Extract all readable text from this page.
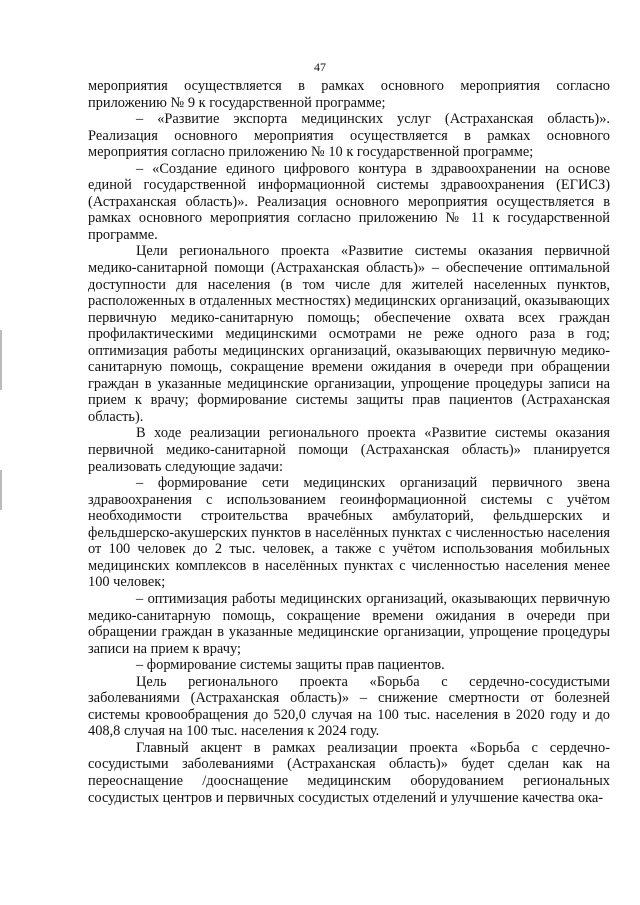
47

мероприятия осуществляется в рамках основного мероприятия согласно приложению № 9 к государственной программе;

– «Развитие экспорта медицинских услуг (Астраханская область)». Реализация основного мероприятия осуществляется в рамках основного мероприятия согласно приложению № 10 к государственной программе;

– «Создание единого цифрового контура в здравоохранении на основе единой государственной информационной системы здравоохранения (ЕГИСЗ) (Астраханская область)». Реализация основного мероприятия осуществляется в рамках основного мероприятия согласно приложению № 11 к государственной программе.

Цели регионального проекта «Развитие системы оказания первичной медико-санитарной помощи (Астраханская область)» – обеспечение оптимальной доступности для населения (в том числе для жителей населенных пунктов, расположенных в отдаленных местностях) медицинских организаций, оказывающих первичную медико-санитарную помощь; обеспечение охвата всех граждан профилактическими медицинскими осмотрами не реже одного раза в год; оптимизация работы медицинских организаций, оказывающих первичную медико-санитарную помощь, сокращение времени ожидания в очереди при обращении граждан в указанные медицинские организации, упрощение процедуры записи на прием к врачу; формирование системы защиты прав пациентов (Астраханская область).

В ходе реализации регионального проекта «Развитие системы оказания первичной медико-санитарной помощи (Астраханская область)» планируется реализовать следующие задачи:

– формирование сети медицинских организаций первичного звена здравоохранения с использованием геоинформационной системы с учётом необходимости строительства врачебных амбулаторий, фельдшерских и фельдшерско-акушерских пунктов в населённых пунктах с численностью населения от 100 человек до 2 тыс. человек, а также с учётом использования мобильных медицинских комплексов в населённых пунктах с численностью населения менее 100 человек;

– оптимизация работы медицинских организаций, оказывающих первичную медико-санитарную помощь, сокращение времени ожидания в очереди при обращении граждан в указанные медицинские организации, упрощение процедуры записи на прием к врачу;

– формирование системы защиты прав пациентов.

Цель регионального проекта «Борьба с сердечно-сосудистыми заболеваниями (Астраханская область)» – снижение смертности от болезней системы кровообращения до 520,0 случая на 100 тыс. населения в 2020 году и до 408,8 случая на 100 тыс. населения к 2024 году.

Главный акцент в рамках реализации проекта «Борьба с сердечно-сосудистыми заболеваниями (Астраханская область)» будет сделан как на переоснащение /дооснащение медицинским оборудованием региональных сосудистых центров и первичных сосудистых отделений и улучшение качества ока-
